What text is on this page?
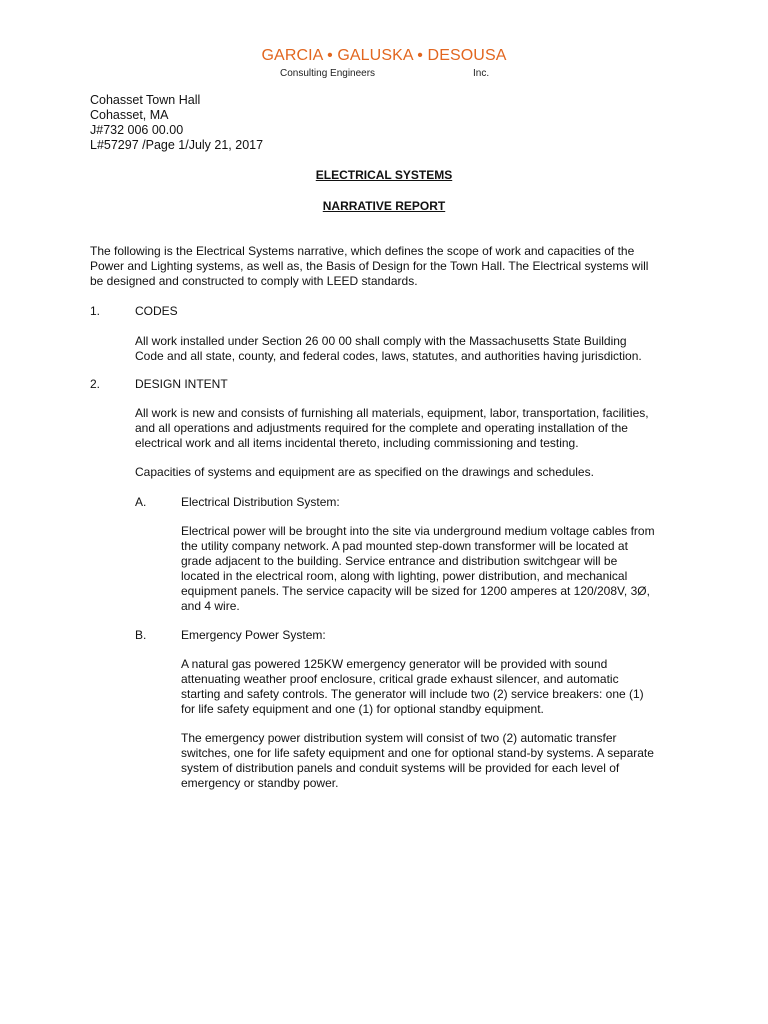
GARCIA • GALUSKA • DESOUSA
Consulting Engineers	Inc.
Cohasset Town Hall
Cohasset, MA
J#732 006 00.00
L#57297 /Page 1/July 21, 2017
ELECTRICAL SYSTEMS
NARRATIVE REPORT
The following is the Electrical Systems narrative, which defines the scope of work and capacities of the
Power and Lighting systems, as well as, the Basis of Design for the Town Hall. The Electrical systems will
be designed and constructed to comply with LEED standards.
1.	CODES
All work installed under Section 26 00 00 shall comply with the Massachusetts State Building
Code and all state, county, and federal codes, laws, statutes, and authorities having jurisdiction.
2.	DESIGN INTENT
All work is new and consists of furnishing all materials, equipment, labor, transportation, facilities,
and all operations and adjustments required for the complete and operating installation of the
electrical work and all items incidental thereto, including commissioning and testing.
Capacities of systems and equipment are as specified on the drawings and schedules.
A.	Electrical Distribution System:
Electrical power will be brought into the site via underground medium voltage cables from
the utility company network. A pad mounted step-down transformer will be located at
grade adjacent to the building. Service entrance and distribution switchgear will be
located in the electrical room, along with lighting, power distribution, and mechanical
equipment panels. The service capacity will be sized for 1200 amperes at 120/208V, 3Ø,
and 4 wire.
B.	Emergency Power System:
A natural gas powered 125KW emergency generator will be provided with sound
attenuating weather proof enclosure, critical grade exhaust silencer, and automatic
starting and safety controls. The generator will include two (2) service breakers: one (1)
for life safety equipment and one (1) for optional standby equipment.
The emergency power distribution system will consist of two (2) automatic transfer
switches, one for life safety equipment and one for optional stand-by systems. A separate
system of distribution panels and conduit systems will be provided for each level of
emergency or standby power.
